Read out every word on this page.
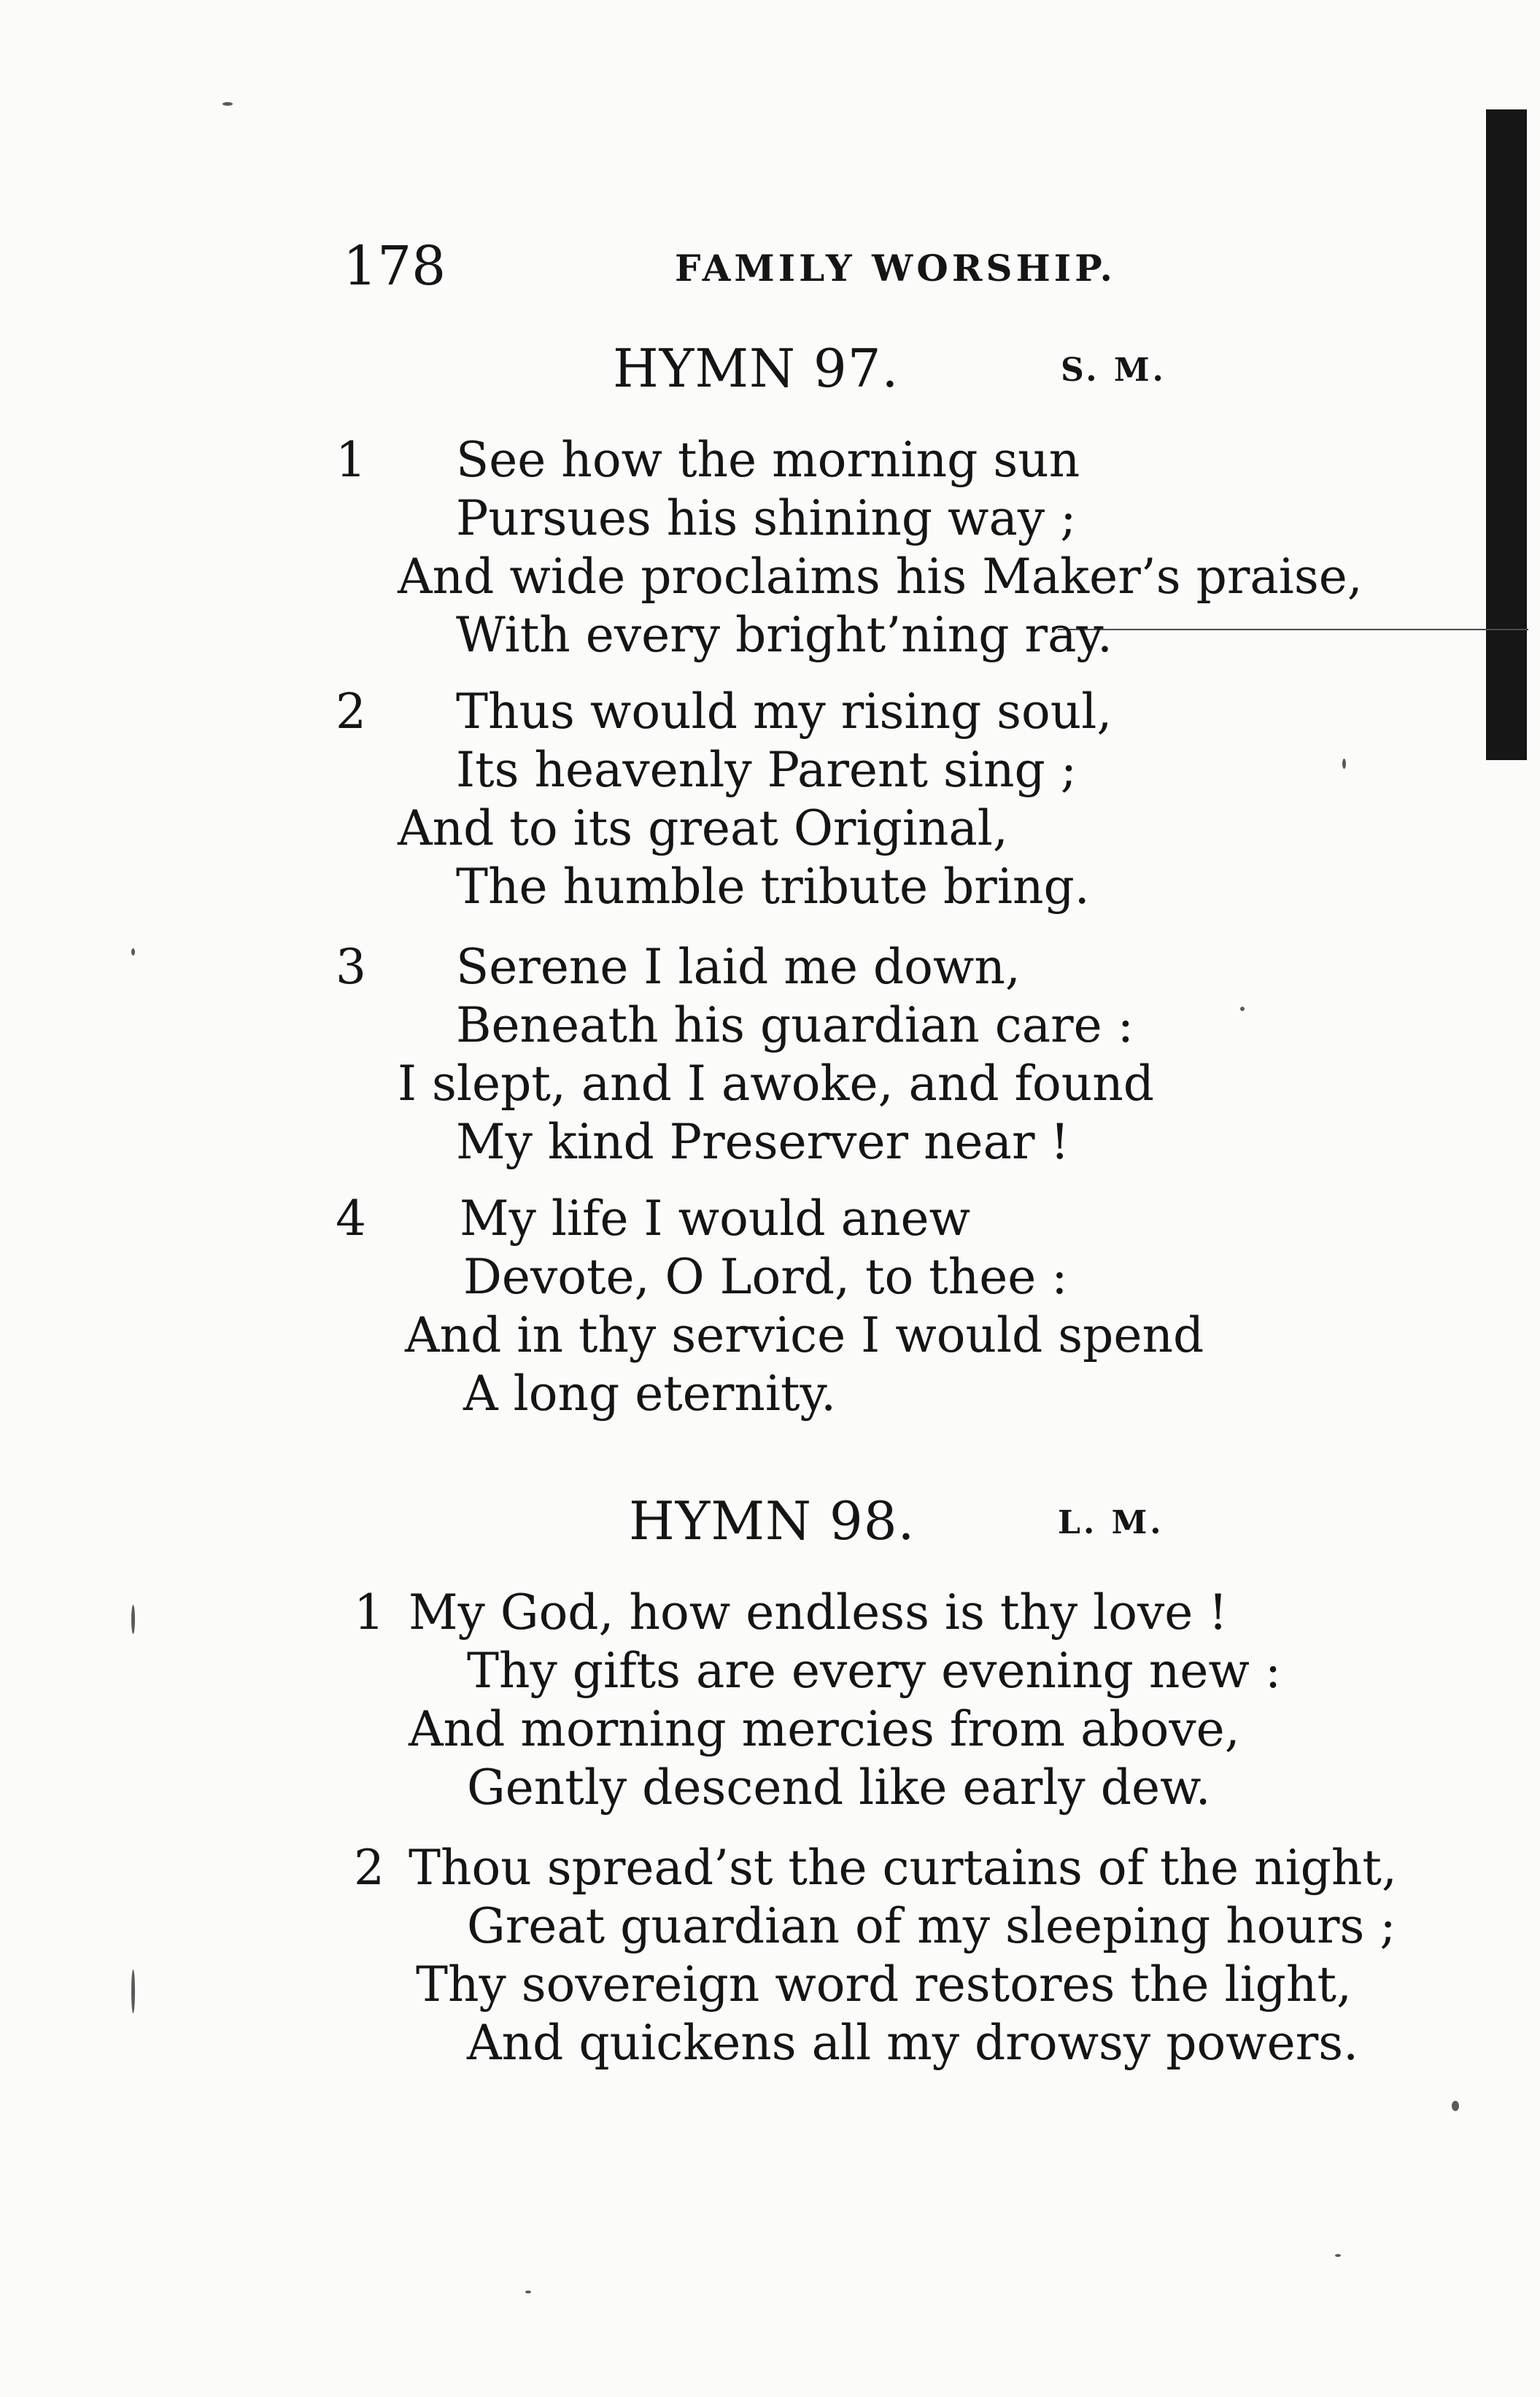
178	FAMILY WORSHIP.
HYMN 97.	S. M.
1 See how the morning sun
Pursues his shining way ;
And wide proclaims his Maker’s praise,
With every bright’ning ray.
2 Thus would my rising soul,
Its heavenly Parent sing ;
And to its great Original,
The humble tribute bring.
3 Serene I laid me down,
Beneath his guardian care :
I slept, and I awoke, and found
My kind Preserver near !
4 My life I would anew
Devote, O Lord, to thee :
And in thy service I would spend
A long eternity.
HYMN 98.	L. M.
1 My God, how endless is thy love !
Thy gifts are every evening new :
And morning mercies from above,
Gently descend like early dew.
2 Thou spread’st the curtains of the night,
Great guardian of my sleeping hours ;
Thy sovereign word restores the light,
And quickens all my drowsy powers.
